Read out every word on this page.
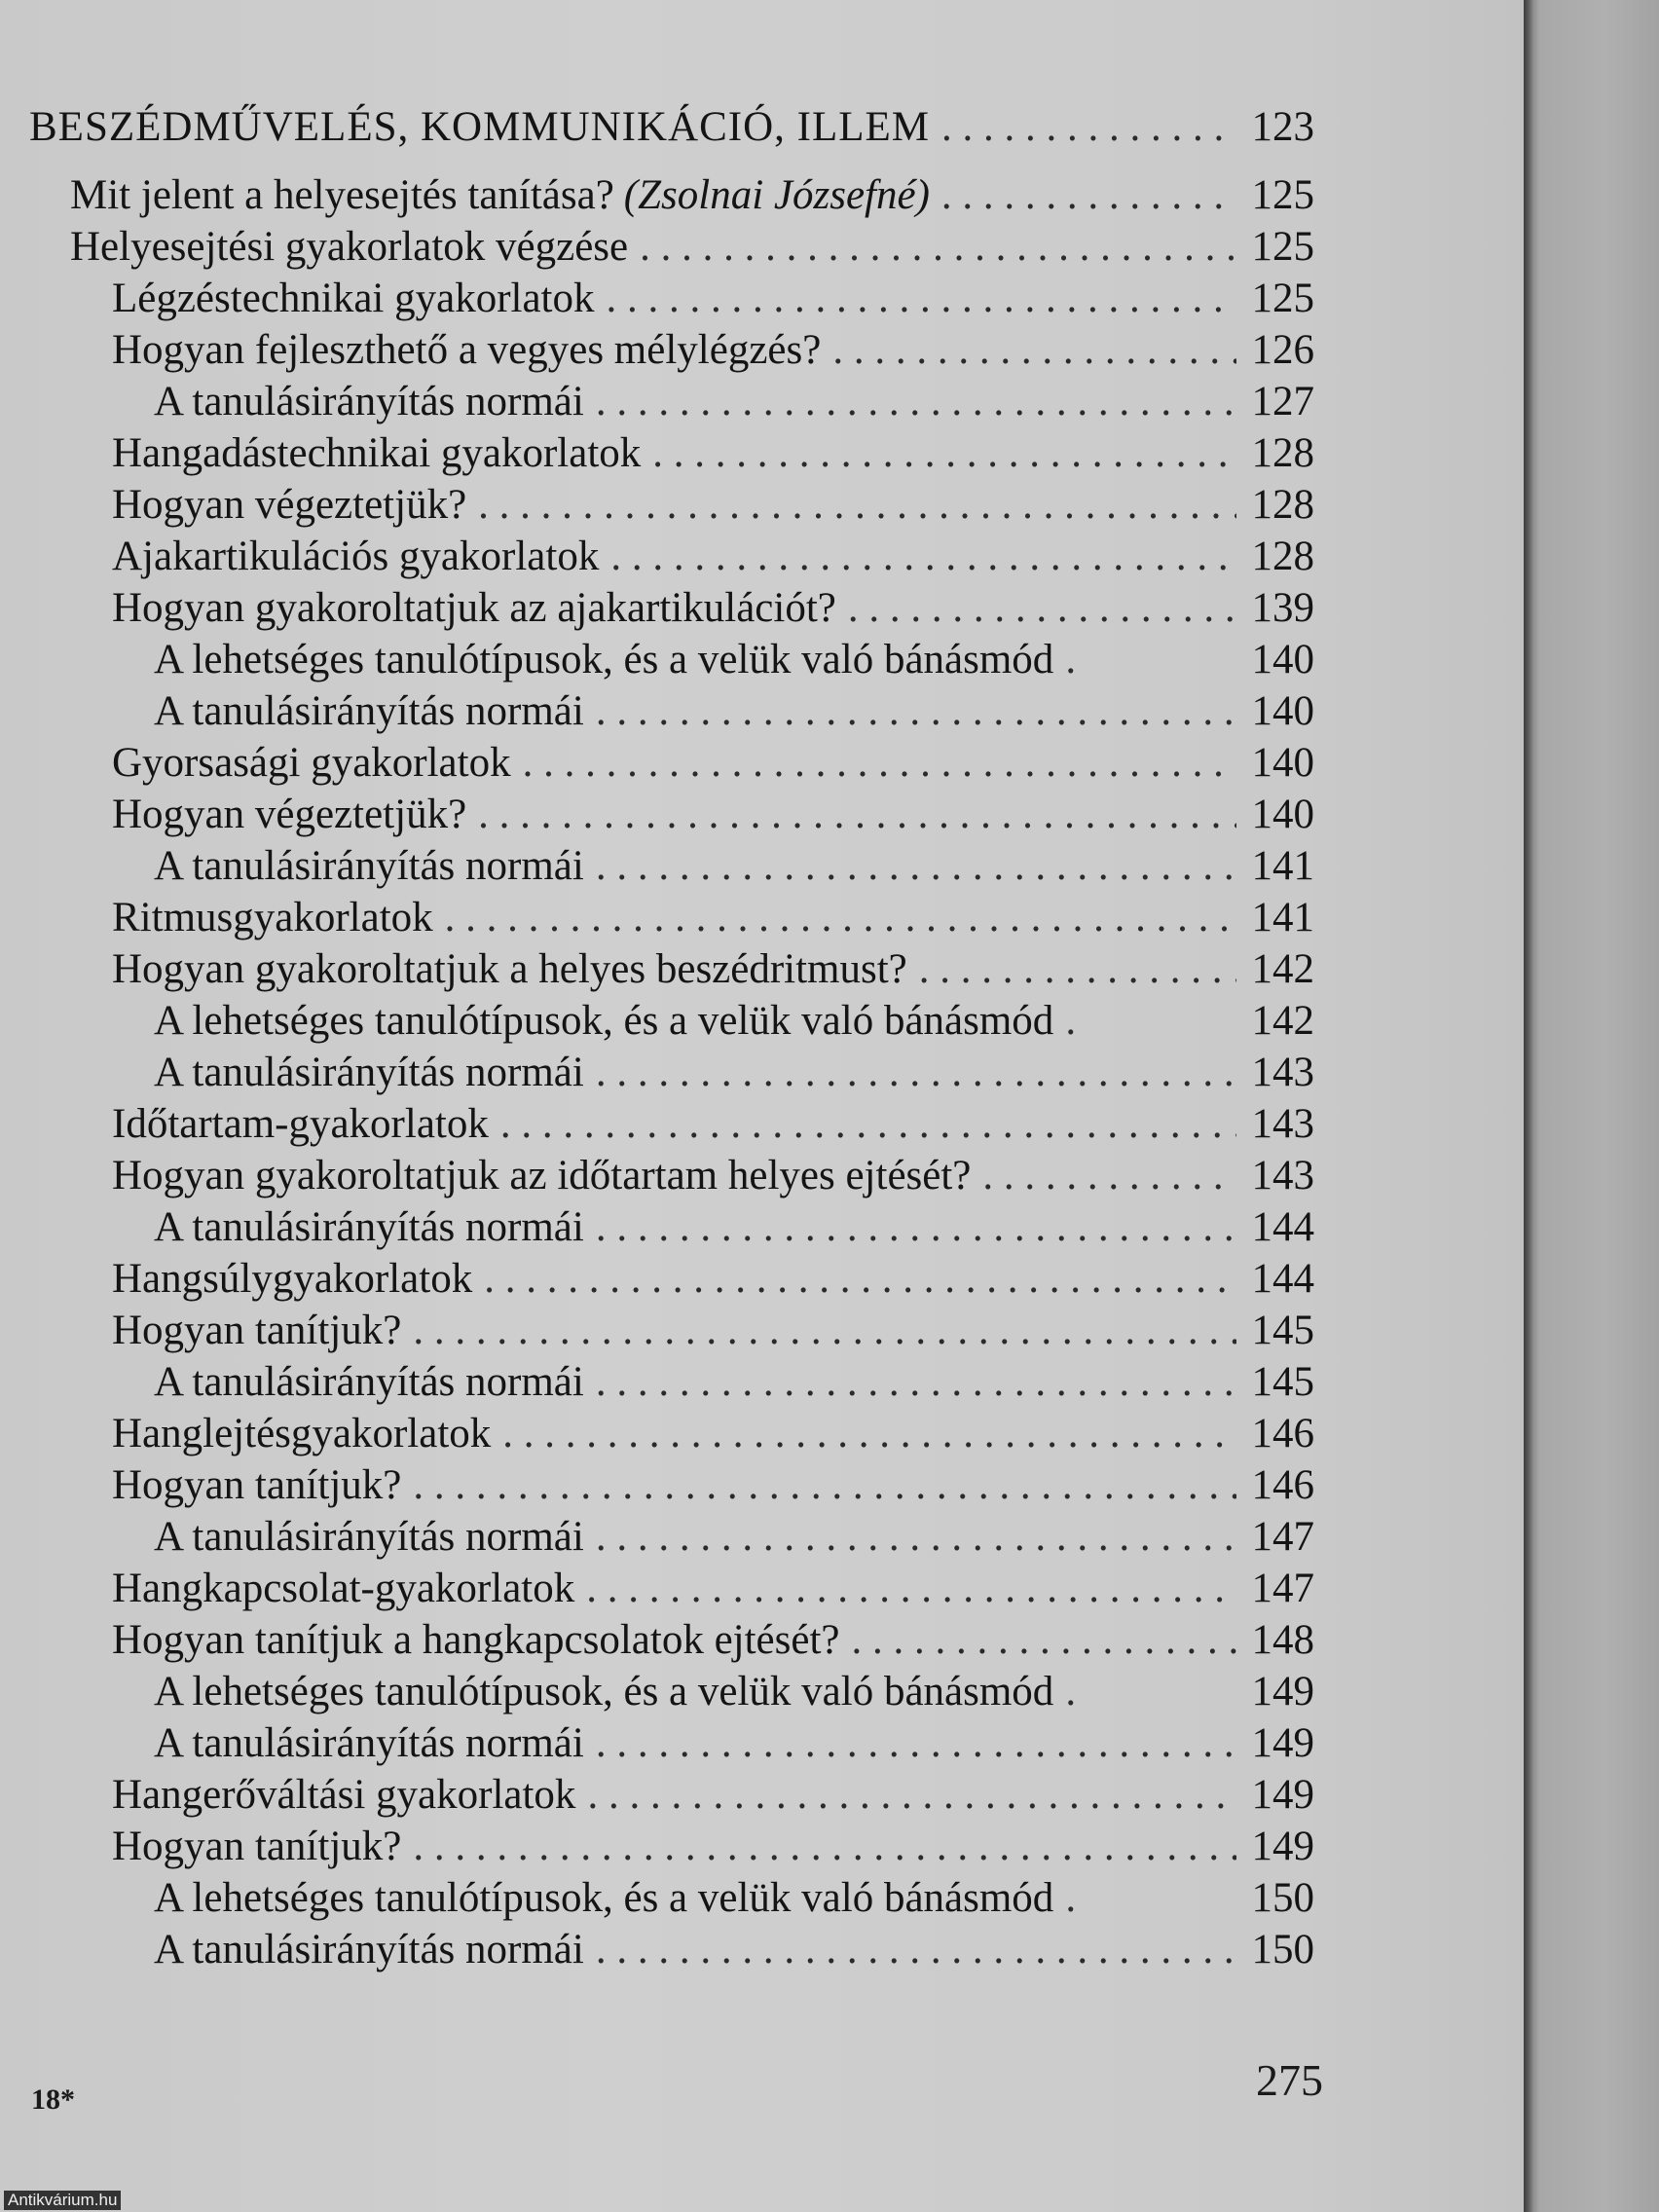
BESZÉDMŰVELÉS, KOMMUNIKÁCIÓ, ILLEM . . .	123
Mit jelent a helyesejtés tanítása? (Zsolnai Józsefné) . . .	125
Helyesejtési gyakorlatok végzése . . .	125
Légzéstechnikai gyakorlatok . . .	125
Hogyan fejleszthető a vegyes mélylégzés? . . .	126
A tanulásirányítás normái . . .	127
Hangadástechnikai gyakorlatok . . .	128
Hogyan végeztetjük? . . .	128
Ajakartikulációs gyakorlatok . . .	128
Hogyan gyakoroltatjuk az ajakartikulációt? . . .	139
A lehetséges tanulótípusok, és a velük való bánásmód .	140
A tanulásirányítás normái . . .	140
Gyorsasági gyakorlatok . . .	140
Hogyan végeztetjük? . . .	140
A tanulásirányítás normái . . .	141
Ritmusgyakorlatok . . .	141
Hogyan gyakoroltatjuk a helyes beszédritmust? . . .	142
A lehetséges tanulótípusok, és a velük való bánásmód .	142
A tanulásirányítás normái . . .	143
Időtartam-gyakorlatok . . .	143
Hogyan gyakoroltatjuk az időtartam helyes ejtését? . . .	143
A tanulásirányítás normái . . .	144
Hangsúlygyakorlatok . . .	144
Hogyan tanítjuk? . . .	145
A tanulásirányítás normái . . .	145
Hanglejtésgyakorlatok . . .	146
Hogyan tanítjuk? . . .	146
A tanulásirányítás normái . . .	147
Hangkapcsolat-gyakorlatok . . .	147
Hogyan tanítjuk a hangkapcsolatok ejtését? . . .	148
A lehetséges tanulótípusok, és a velük való bánásmód .	149
A tanulásirányítás normái . . .	149
Hangerőváltási gyakorlatok . . .	149
Hogyan tanítjuk? . . .	149
A lehetséges tanulótípusok, és a velük való bánásmód .	150
A tanulásirányítás normái . . .	150
18*	275
Antikvárium.hu
